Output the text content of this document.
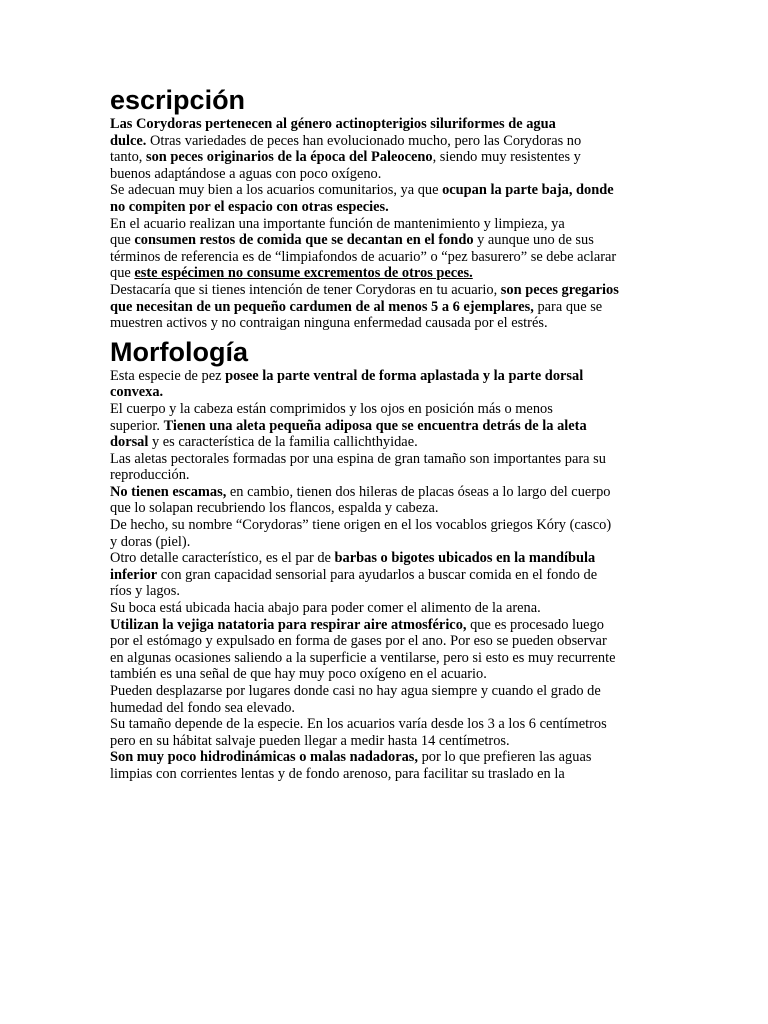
escripción

Las Corydoras pertenecen al género actinopterigios siluriformes de agua
dulce. Otras variedades de peces han evolucionado mucho, pero las Corydoras no
tanto, son peces originarios de la época del Paleoceno, siendo muy resistentes y
buenos adaptándose a aguas con poco oxígeno.

Se adecuan muy bien a los acuarios comunitarios, ya que ocupan la parte baja, donde
no compiten por el espacio con otras especies.

En el acuario realizan una importante función de mantenimiento y limpieza, ya
que consumen restos de comida que se decantan en el fondo y aunque uno de sus
términos de referencia es de “limpiafondos de acuario” o “pez basurero” se debe aclarar
que este espécimen no consume excrementos de otros peces.

Destacaría que si tienes intención de tener Corydoras en tu acuario, son peces gregarios
que necesitan de un pequeño cardumen de al menos 5 a 6 ejemplares, para que se
muestren activos y no contraigan ninguna enfermedad causada por el estrés.

Morfología

Esta especie de pez posee la parte ventral de forma aplastada y la parte dorsal
convexa.

El cuerpo y la cabeza están comprimidos y los ojos en posición más o menos
superior. Tienen una aleta pequeña adiposa que se encuentra detrás de la aleta
dorsal y es característica de la familia callichthyidae.

Las aletas pectorales formadas por una espina de gran tamaño son importantes para su
reproducción.

No tienen escamas, en cambio, tienen dos hileras de placas óseas a lo largo del cuerpo
que lo solapan recubriendo los flancos, espalda y cabeza.

De hecho, su nombre “Corydoras” tiene origen en el los vocablos griegos Kóry (casco)
y doras (piel).

Otro detalle característico, es el par de barbas o bigotes ubicados en la mandíbula
inferior con gran capacidad sensorial para ayudarlos a buscar comida en el fondo de
ríos y lagos.

Su boca está ubicada hacia abajo para poder comer el alimento de la arena.

Utilizan la vejiga natatoria para respirar aire atmosférico, que es procesado luego
por el estómago y expulsado en forma de gases por el ano. Por eso se pueden observar
en algunas ocasiones saliendo a la superficie a ventilarse, pero si esto es muy recurrente
también es una señal de que hay muy poco oxígeno en el acuario.

Pueden desplazarse por lugares donde casi no hay agua siempre y cuando el grado de
humedad del fondo sea elevado.

Su tamaño depende de la especie. En los acuarios varía desde los 3 a los 6 centímetros
pero en su hábitat salvaje pueden llegar a medir hasta 14 centímetros.

Son muy poco hidrodinámicas o malas nadadoras, por lo que prefieren las aguas
limpias con corrientes lentas y de fondo arenoso, para facilitar su traslado en la
